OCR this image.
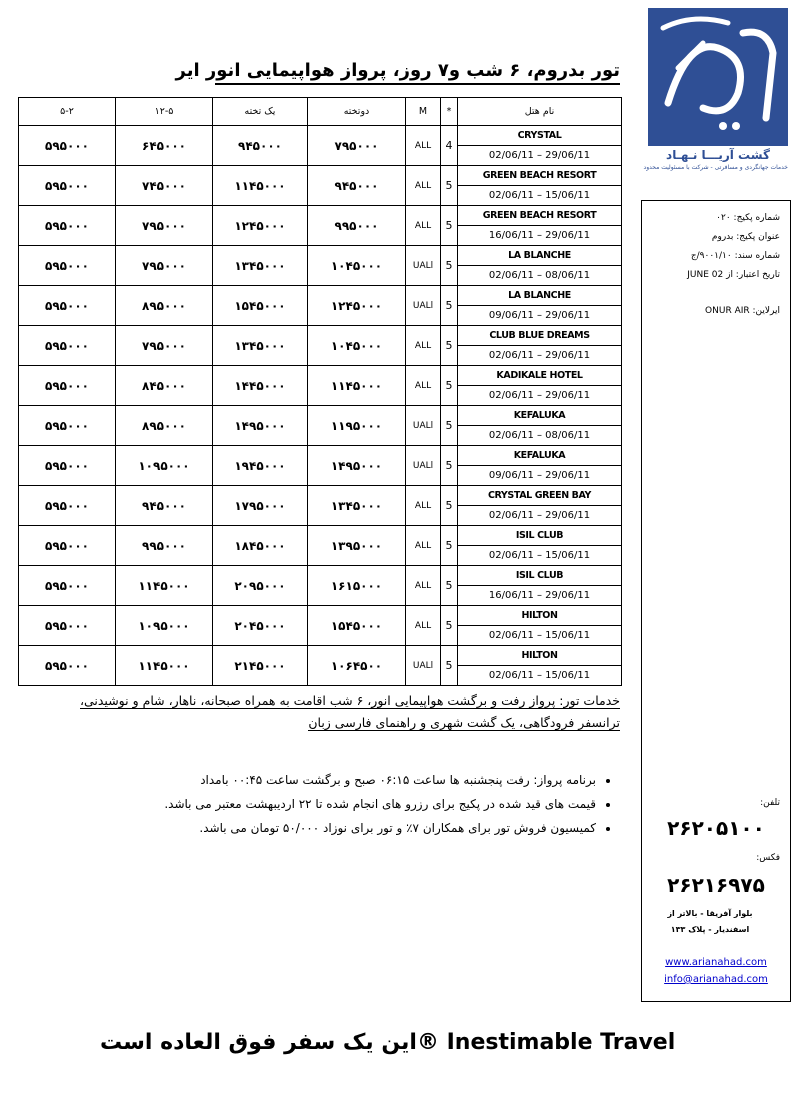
گشت آریـــا نـهـاد
خدمات جهانگردی و مسافرتی - شرکت با مسئولیت محدود
تور بدروم، ۶ شب و۷ روز، پرواز هواپیمایی انور ایر
۵-۲	۱۲-۵	یک تخته	دوتخته	M	*	نام هتل
۵۹۵۰۰۰	۶۴۵۰۰۰	۹۴۵۰۰۰	۷۹۵۰۰۰	ALL	4	CRYSTAL
						02/06/11 – 29/06/11
۵۹۵۰۰۰	۷۴۵۰۰۰	۱۱۴۵۰۰۰	۹۴۵۰۰۰	ALL	5	GREEN BEACH RESORT
						02/06/11 – 15/06/11
۵۹۵۰۰۰	۷۹۵۰۰۰	۱۲۴۵۰۰۰	۹۹۵۰۰۰	ALL	5	GREEN BEACH RESORT
						16/06/11 – 29/06/11
۵۹۵۰۰۰	۷۹۵۰۰۰	۱۳۴۵۰۰۰	۱۰۴۵۰۰۰	UALl	5	LA BLANCHE
						02/06/11 – 08/06/11
۵۹۵۰۰۰	۸۹۵۰۰۰	۱۵۴۵۰۰۰	۱۲۴۵۰۰۰	UALl	5	LA BLANCHE
						09/06/11 – 29/06/11
۵۹۵۰۰۰	۷۹۵۰۰۰	۱۳۴۵۰۰۰	۱۰۴۵۰۰۰	ALL	5	CLUB BLUE DREAMS
						02/06/11 – 29/06/11
۵۹۵۰۰۰	۸۴۵۰۰۰	۱۴۴۵۰۰۰	۱۱۴۵۰۰۰	ALL	5	KADIKALE HOTEL
						02/06/11 – 29/06/11
۵۹۵۰۰۰	۸۹۵۰۰۰	۱۴۹۵۰۰۰	۱۱۹۵۰۰۰	UALl	5	KEFALUKA
						02/06/11 – 08/06/11
۵۹۵۰۰۰	۱۰۹۵۰۰۰	۱۹۴۵۰۰۰	۱۴۹۵۰۰۰	UALl	5	KEFALUKA
						09/06/11 – 29/06/11
۵۹۵۰۰۰	۹۴۵۰۰۰	۱۷۹۵۰۰۰	۱۳۴۵۰۰۰	ALL	5	CRYSTAL GREEN BAY
						02/06/11 – 29/06/11
۵۹۵۰۰۰	۹۹۵۰۰۰	۱۸۴۵۰۰۰	۱۳۹۵۰۰۰	ALL	5	ISIL CLUB
						02/06/11 – 15/06/11
۵۹۵۰۰۰	۱۱۴۵۰۰۰	۲۰۹۵۰۰۰	۱۶۱۵۰۰۰	ALL	5	ISIL CLUB
						16/06/11 – 29/06/11
۵۹۵۰۰۰	۱۰۹۵۰۰۰	۲۰۴۵۰۰۰	۱۵۴۵۰۰۰	ALL	5	HILTON
						02/06/11 – 15/06/11
۵۹۵۰۰۰	۱۱۴۵۰۰۰	۲۱۴۵۰۰۰	۱۰۶۴۵۰۰	UALl	5	HILTON
						02/06/11 – 15/06/11
شماره پکیج: ۰۲۰
عنوان پکیج: بدروم
شماره سند: ۹۰۰۱/۱۰/ج
تاریخ اعتبار: از 02 JUNE
ایرلاین: ONUR AIR
تلفن:
۲۶۲۰۵۱۰۰
فکس:
۲۶۲۱۶۹۷۵
بلوار آفریقا - بالاتر از
اسفندیار - پلاک ۱۳۳
www.arianahad.com
info@arianahad.com
خدمات تور: پرواز رفت و برگشت هواپیمایی انور، ۶ شب اقامت به همراه صبحانه، ناهار، شام و نوشیدنی،
ترانسفر فرودگاهی، یک گشت شهری و راهنمای فارسی زبان
• برنامه پرواز: رفت پنجشنبه ها ساعت ۰۶:۱۵ صبح و برگشت ساعت ۰۰:۴۵ بامداد
• قیمت های قید شده در پکیج برای رزرو های انجام شده تا ۲۲ اردیبهشت معتبر می باشد.
• کمیسیون فروش تور برای همکاران ۷٪ و تور برای نوزاد ۵۰/۰۰۰ تومان می باشد.
این یک سفر فوق العاده است® Inestimable Travel
